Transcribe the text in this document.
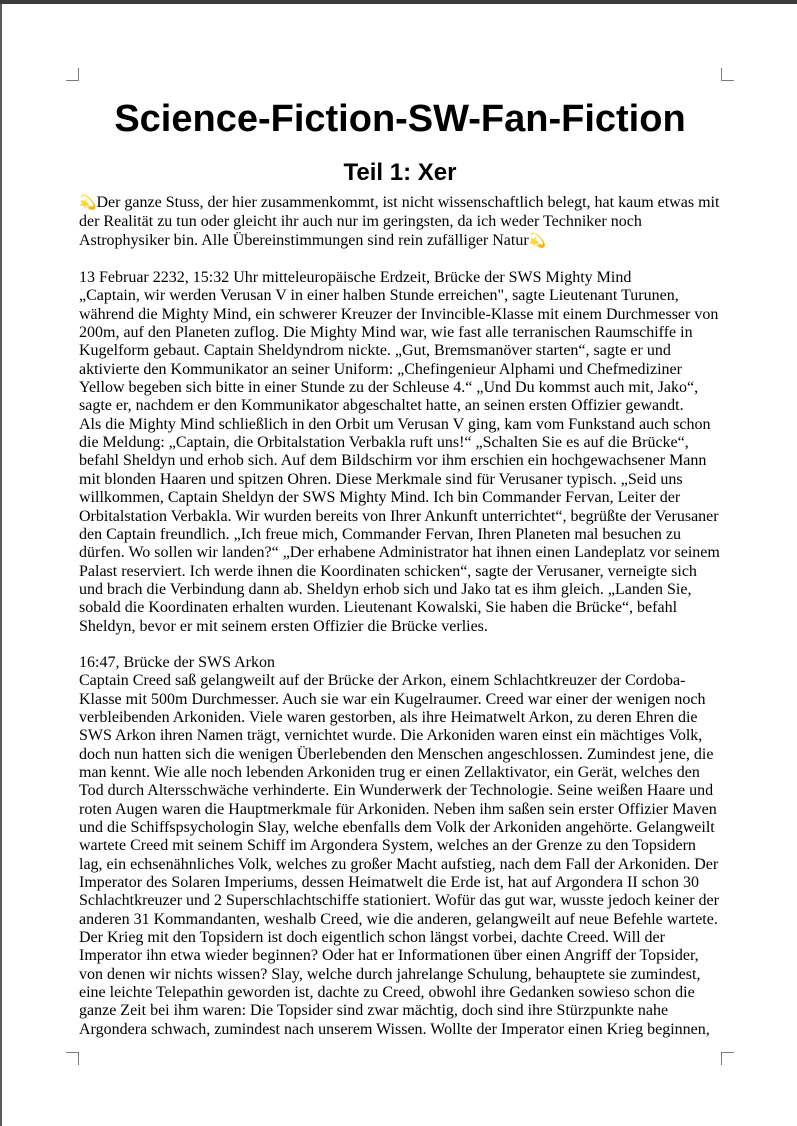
Science-Fiction-SW-Fan-Fiction
Teil 1: Xer

💫Der ganze Stuss, der hier zusammenkommt, ist nicht wissenschaftlich belegt, hat kaum etwas mit der Realität zu tun oder gleicht ihr auch nur im geringsten, da ich weder Techniker noch Astrophysiker bin. Alle Übereinstimmungen sind rein zufälliger Natur💫

13 Februar 2232, 15:32 Uhr mitteleuropäische Erdzeit, Brücke der SWS Mighty Mind

„Captain, wir werden Verusan V in einer halben Stunde erreichen", sagte Lieutenant Turunen, während die Mighty Mind, ein schwerer Kreuzer der Invincible-Klasse mit einem Durchmesser von 200m, auf den Planeten zuflog. Die Mighty Mind war, wie fast alle terranischen Raumschiffe in Kugelform gebaut. Captain Sheldyndrom nickte. „Gut, Bremsmanöver starten“, sagte er und aktivierte den Kommunikator an seiner Uniform: „Chefingenieur Alphami und Chefmediziner Yellow begeben sich bitte in einer Stunde zu der Schleuse 4.“ „Und Du kommst auch mit, Jako“, sagte er, nachdem er den Kommunikator abgeschaltet hatte, an seinen ersten Offizier gewandt.

Als die Mighty Mind schließlich in den Orbit um Verusan V ging, kam vom Funkstand auch schon die Meldung: „Captain, die Orbitalstation Verbakla ruft uns!“ „Schalten Sie es auf die Brücke“, befahl Sheldyn und erhob sich. Auf dem Bildschirm vor ihm erschien ein hochgewachsener Mann mit blonden Haaren und spitzen Ohren. Diese Merkmale sind für Verusaner typisch. „Seid uns willkommen, Captain Sheldyn der SWS Mighty Mind. Ich bin Commander Fervan, Leiter der Orbitalstation Verbakla. Wir wurden bereits von Ihrer Ankunft unterrichtet“, begrüßte der Verusaner den Captain freundlich. „Ich freue mich, Commander Fervan, Ihren Planeten mal besuchen zu dürfen. Wo sollen wir landen?“ „Der erhabene Administrator hat ihnen einen Landeplatz vor seinem Palast reserviert. Ich werde ihnen die Koordinaten schicken“, sagte der Verusaner, verneigte sich und brach die Verbindung dann ab. Sheldyn erhob sich und Jako tat es ihm gleich. „Landen Sie, sobald die Koordinaten erhalten wurden. Lieutenant Kowalski, Sie haben die Brücke“, befahl Sheldyn, bevor er mit seinem ersten Offizier die Brücke verlies.

16:47, Brücke der SWS Arkon

Captain Creed saß gelangweilt auf der Brücke der Arkon, einem Schlachtkreuzer der Cordoba-Klasse mit 500m Durchmesser. Auch sie war ein Kugelraumer. Creed war einer der wenigen noch verbleibenden Arkoniden. Viele waren gestorben, als ihre Heimatwelt Arkon, zu deren Ehren die SWS Arkon ihren Namen trägt, vernichtet wurde. Die Arkoniden waren einst ein mächtiges Volk, doch nun hatten sich die wenigen Überlebenden den Menschen angeschlossen. Zumindest jene, die man kennt. Wie alle noch lebenden Arkoniden trug er einen Zellaktivator, ein Gerät, welches den Tod durch Altersschwäche verhinderte. Ein Wunderwerk der Technologie. Seine weißen Haare und roten Augen waren die Hauptmerkmale für Arkoniden. Neben ihm saßen sein erster Offizier Maven und die Schiffspsychologin Slay, welche ebenfalls dem Volk der Arkoniden angehörte. Gelangweilt wartete Creed mit seinem Schiff im Argondera System, welches an der Grenze zu den Topsidern lag, ein echsenähnliches Volk, welches zu großer Macht aufstieg, nach dem Fall der Arkoniden. Der Imperator des Solaren Imperiums, dessen Heimatwelt die Erde ist, hat auf Argondera II schon 30 Schlachtkreuzer und 2 Superschlachtschiffe stationiert. Wofür das gut war, wusste jedoch keiner der anderen 31 Kommandanten, weshalb Creed, wie die anderen, gelangweilt auf neue Befehle wartete. Der Krieg mit den Topsidern ist doch eigentlich schon längst vorbei, dachte Creed. Will der Imperator ihn etwa wieder beginnen? Oder hat er Informationen über einen Angriff der Topsider, von denen wir nichts wissen? Slay, welche durch jahrelange Schulung, behauptete sie zumindest, eine leichte Telepathin geworden ist, dachte zu Creed, obwohl ihre Gedanken sowieso schon die ganze Zeit bei ihm waren: Die Topsider sind zwar mächtig, doch sind ihre Stürzpunkte nahe Argondera schwach, zumindest nach unserem Wissen. Wollte der Imperator einen Krieg beginnen,
